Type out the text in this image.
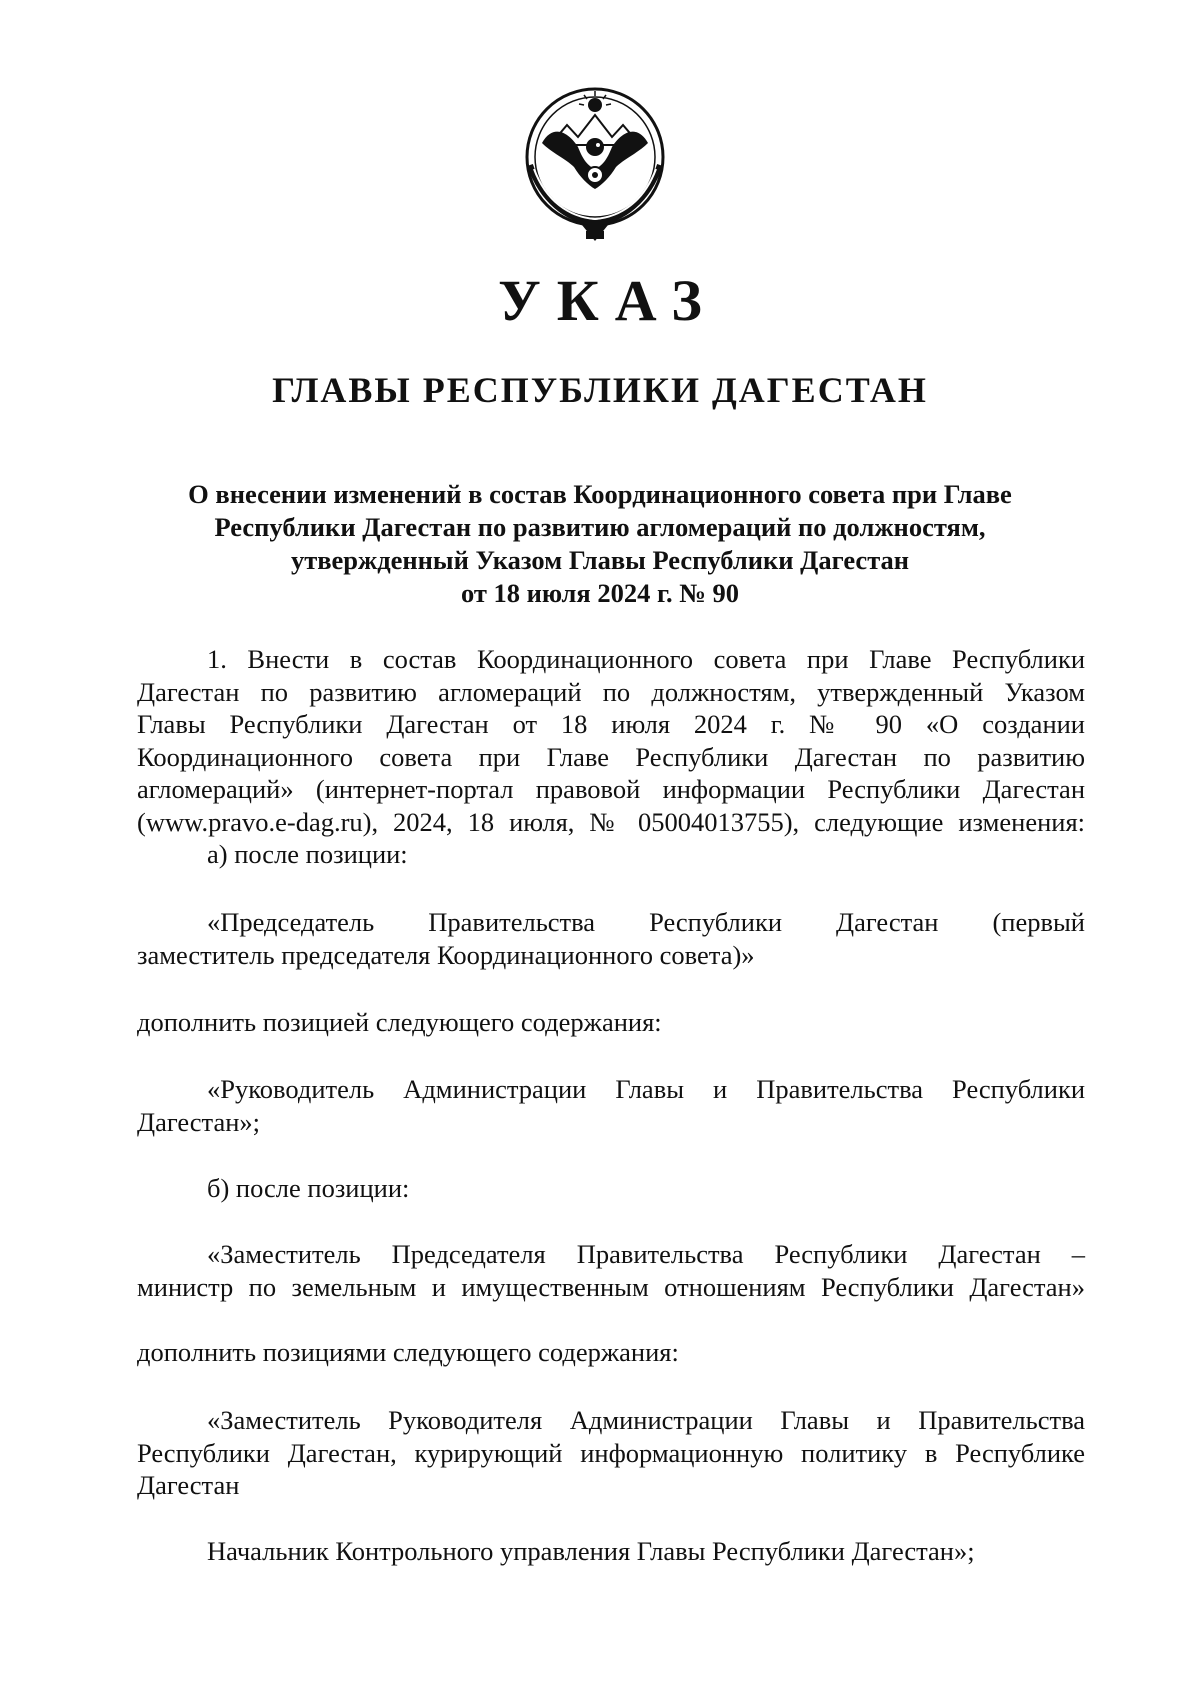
УКАЗ
ГЛАВЫ РЕСПУБЛИКИ ДАГЕСТАН
О внесении изменений в состав Координационного совета при Главе
Республики Дагестан по развитию агломераций по должностям,
утвержденный Указом Главы Республики Дагестан
от 18 июля 2024 г. № 90
1. Внести в состав Координационного совета при Главе Республики
Дагестан по развитию агломераций по должностям, утвержденный Указом
Главы Республики Дагестан от 18 июля 2024 г. № 90 «О создании
Координационного совета при Главе Республики Дагестан по развитию
агломераций» (интернет-портал правовой информации Республики Дагестан
(www.pravo.e-dag.ru), 2024, 18 июля, № 05004013755), следующие изменения:
а) после позиции:
«Председатель Правительства Республики Дагестан (первый
заместитель председателя Координационного совета)»
дополнить позицией следующего содержания:
«Руководитель Администрации Главы и Правительства Республики
Дагестан»;
б) после позиции:
«Заместитель Председателя Правительства Республики Дагестан –
министр по земельным и имущественным отношениям Республики Дагестан»
дополнить позициями следующего содержания:
«Заместитель Руководителя Администрации Главы и Правительства
Республики Дагестан, курирующий информационную политику в Республике
Дагестан
Начальник Контрольного управления Главы Республики Дагестан»;
